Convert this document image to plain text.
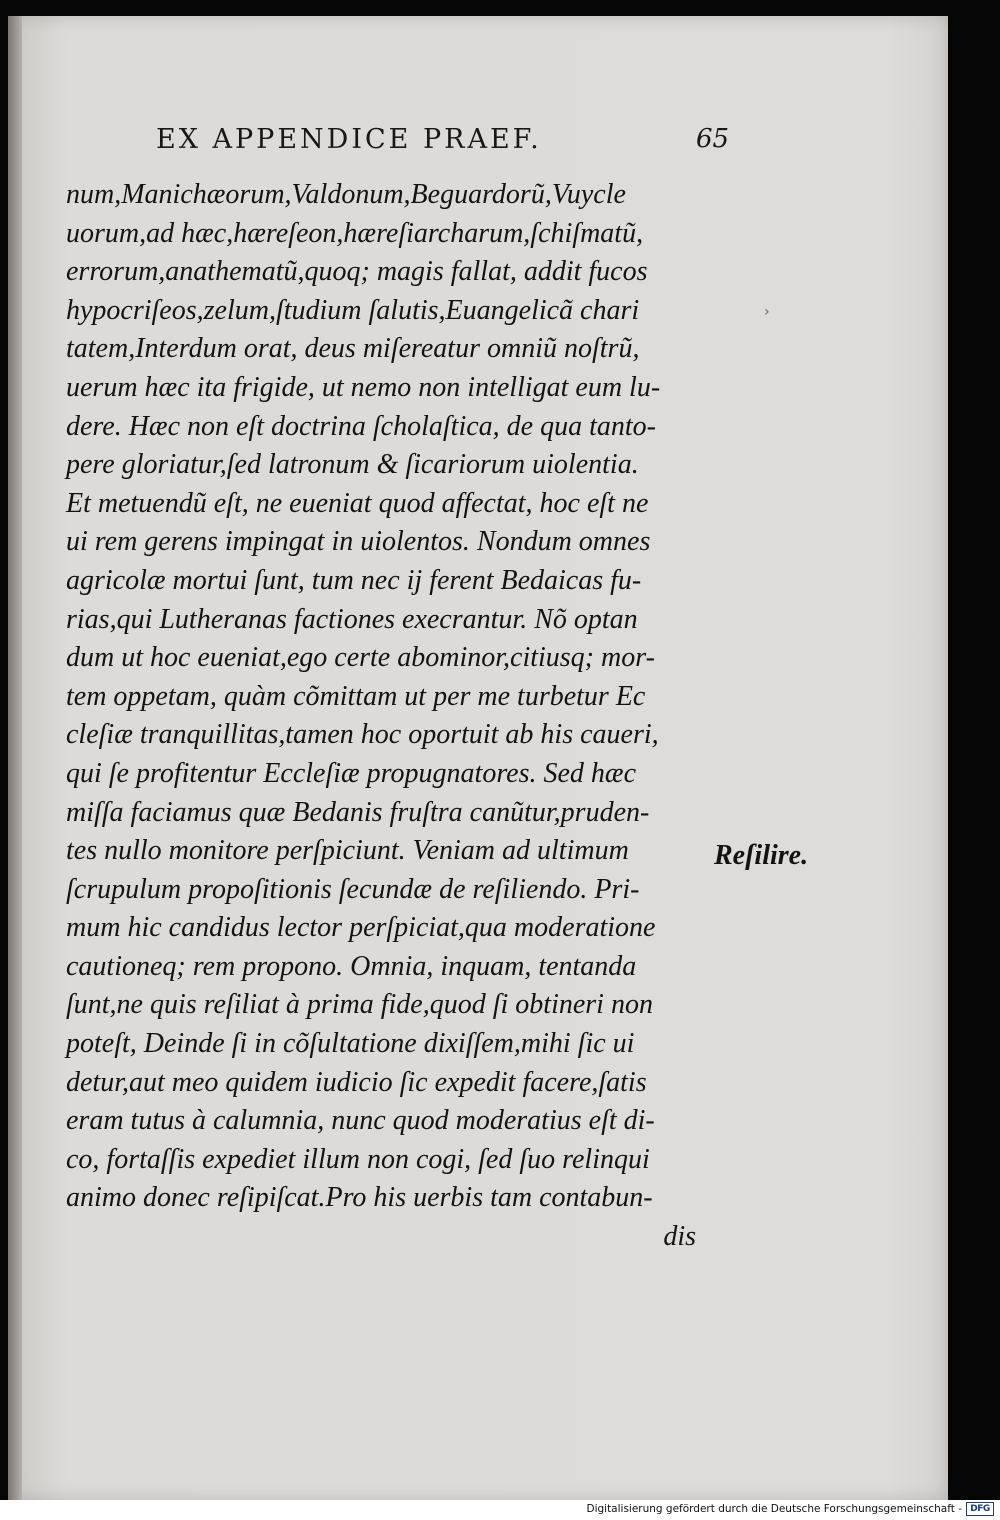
EX APPENDICE PRAEF.	65
num,Manichæorum,Valdonum,Beguardorũ,Vuycle
uorum,ad hæc,hæreſeon,hæreſiarcharum,ſchiſmatũ,
errorum,anathematũ,quoq; magis fallat, addit fucos
hypocriſeos,zelum,ſtudium ſalutis,Euangelicã chari
tatem,Interdum orat, deus miſereatur omniũ noſtrũ,
uerum hæc ita frigide, ut nemo non intelligat eum lu-
dere. Hæc non eſt doctrina ſcholaſtica, de qua tanto-
pere gloriatur,ſed latronum & ſicariorum uiolentia.
Et metuendũ eſt, ne eueniat quod affectat, hoc eſt ne
ui rem gerens impingat in uiolentos. Nondum omnes
agricolæ mortui ſunt, tum nec ij ferent Bedaicas fu-
rias,qui Lutheranas factiones execrantur. Nõ optan
dum ut hoc eueniat,ego certe abominor,citiusq; mor-
tem oppetam, quàm cõmittam ut per me turbetur Ec
cleſiæ tranquillitas,tamen hoc oportuit ab his caueri,
qui ſe profitentur Eccleſiæ propugnatores. Sed hæc
miſſa faciamus quæ Bedanis fruſtra canũtur,pruden-
tes nullo monitore perſpiciunt. Veniam ad ultimum
ſcrupulum propoſitionis ſecundæ de reſiliendo. Pri-
mum hic candidus lector perſpiciat,qua moderatione
cautioneq; rem propono. Omnia, inquam, tentanda
ſunt,ne quis reſiliat à prima fide,quod ſi obtineri non
poteſt, Deinde ſi in cõſultatione dixiſſem,mihi ſic ui
detur,aut meo quidem iudicio ſic expedit facere,ſatis
eram tutus à calumnia, nunc quod moderatius eſt di-
co, fortaſſis expediet illum non cogi, ſed ſuo relinqui
animo donec reſipiſcat.Pro his uerbis tam contabun-
dis
Reſilire.
›
Digitalisierung gefördert durch die Deutsche Forschungsgemeinschaft - DFG
